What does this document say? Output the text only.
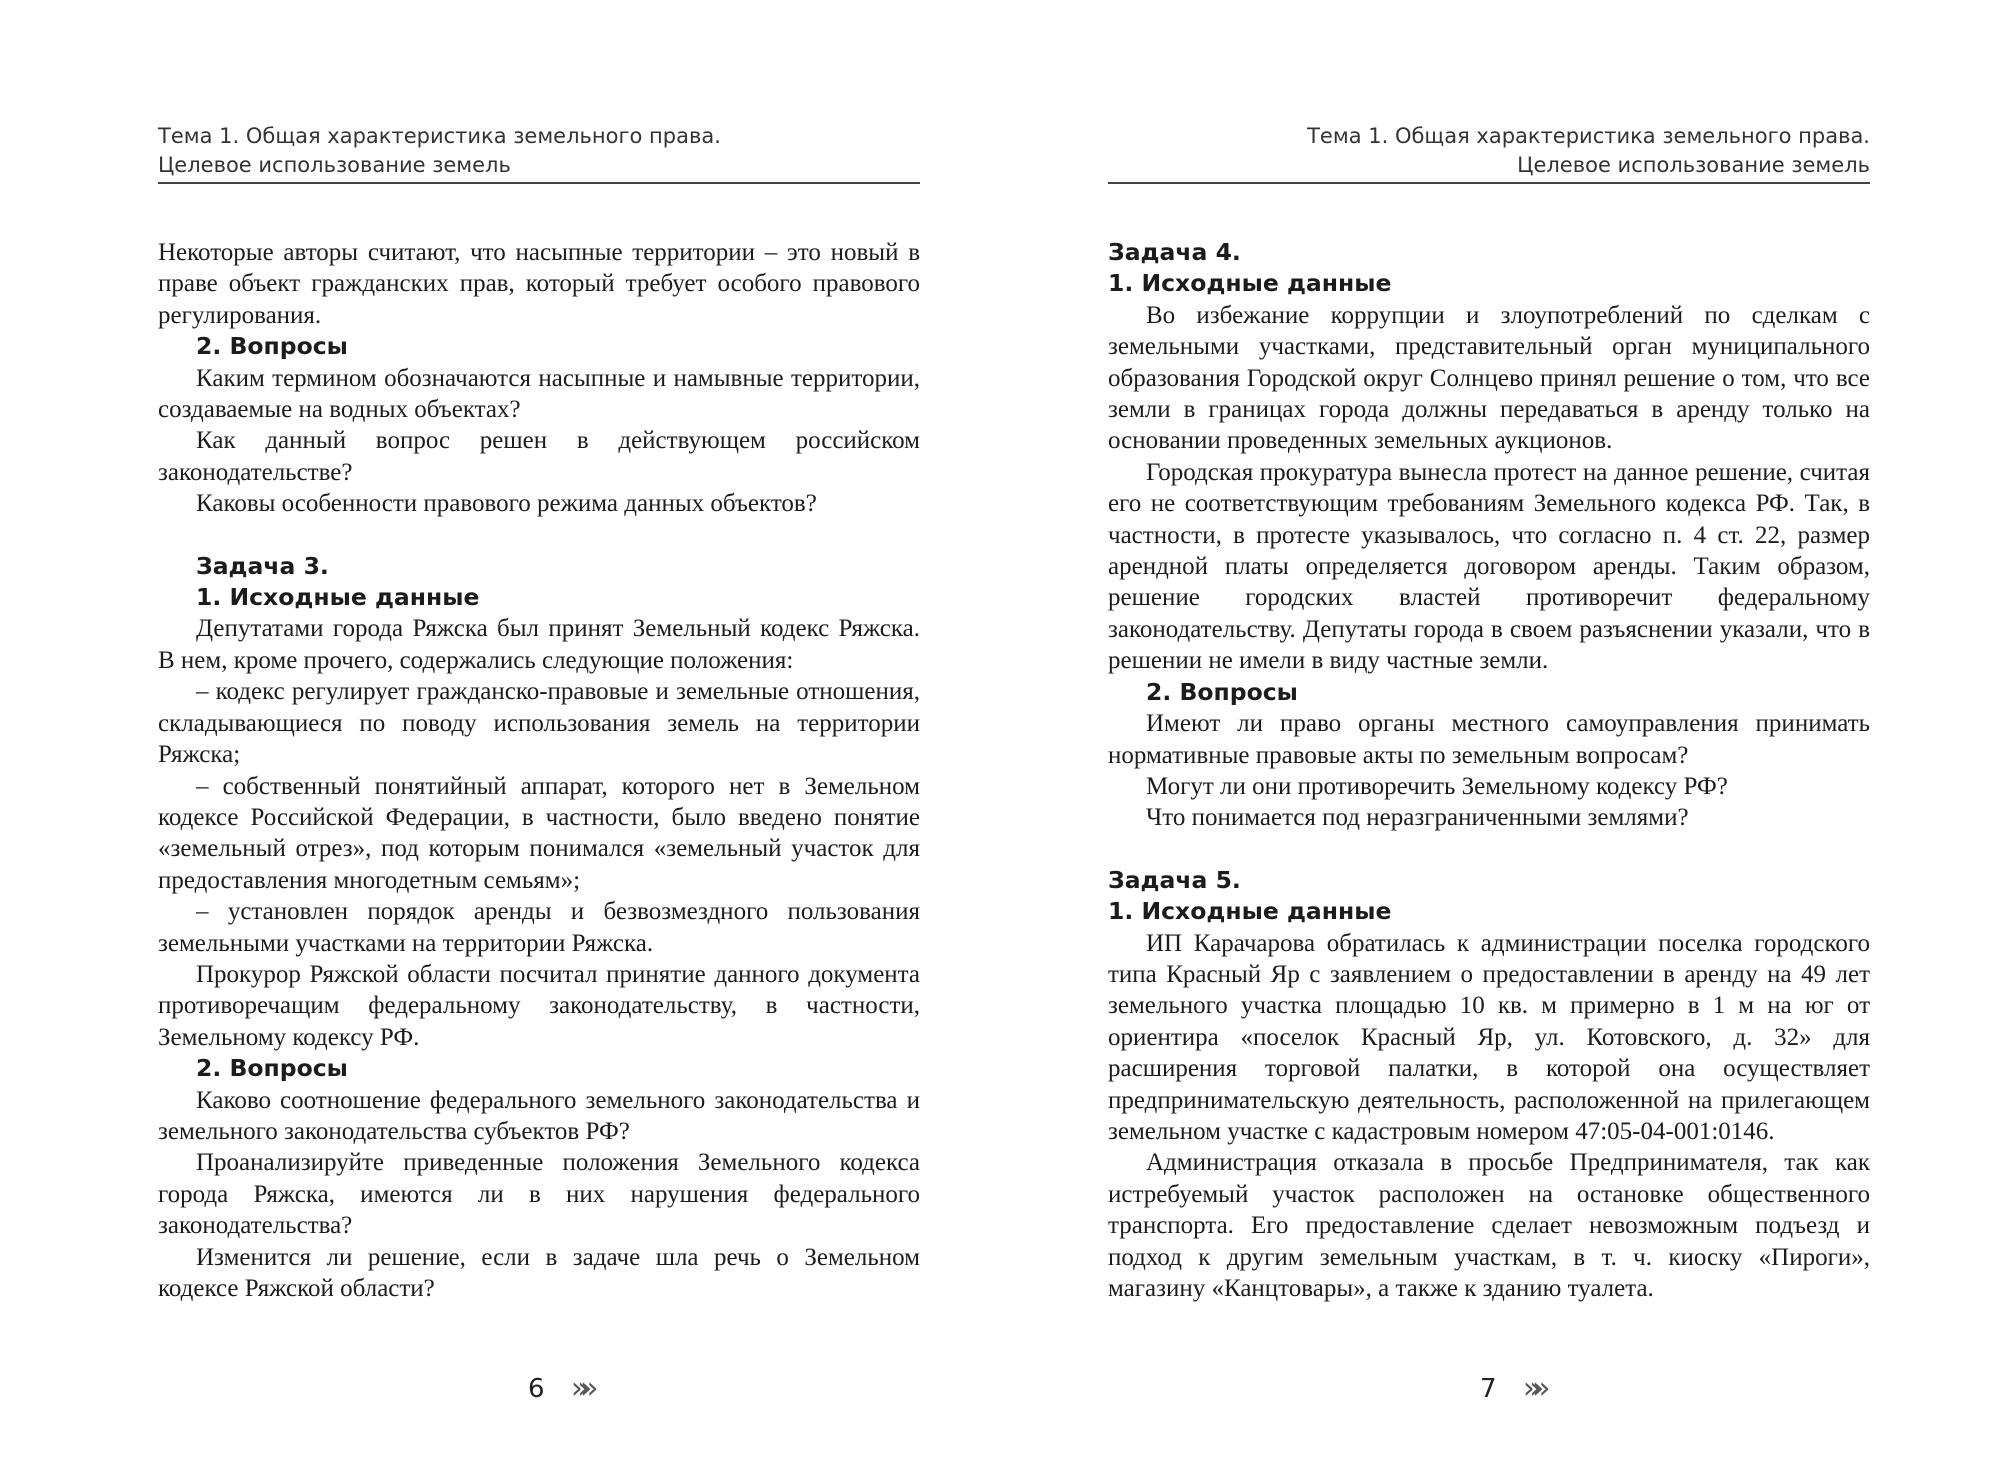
Тема 1. Общая характеристика земельного права.
Целевое использование земель

Некоторые авторы считают, что насыпные территории – это новый в праве объект гражданских прав, который требует особого правового регулирования.

2. Вопросы

Каким термином обозначаются насыпные и намывные территории, создаваемые на водных объектах?

Как данный вопрос решен в действующем российском законодательстве?

Каковы особенности правового режима данных объектов?

Задача 3.

1. Исходные данные

Депутатами города Ряжска был принят Земельный кодекс Ряжска. В нем, кроме прочего, содержались следующие положения:

– кодекс регулирует гражданско-правовые и земельные отношения, складывающиеся по поводу использования земель на территории Ряжска;

– собственный понятийный аппарат, которого нет в Земельном кодексе Российской Федерации, в частности, было введено понятие «земельный отрез», под которым понимался «земельный участок для предоставления многодетным семьям»;

– установлен порядок аренды и безвозмездного пользования земельными участками на территории Ряжска.

Прокурор Ряжской области посчитал принятие данного документа противоречащим федеральному законодательству, в частности, Земельному кодексу РФ.

2. Вопросы

Каково соотношение федерального земельного законодательства и земельного законодательства субъектов РФ?

Проанализируйте приведенные положения Земельного кодекса города Ряжска, имеются ли в них нарушения федерального законодательства?

Изменится ли решение, если в задаче шла речь о Земельном кодексе Ряжской области?

6 »»
Тема 1. Общая характеристика земельного права.
Целевое использование земель

Задача 4.

1. Исходные данные

Во избежание коррупции и злоупотреблений по сделкам с земельными участками, представительный орган муниципального образования Городской округ Солнцево принял решение о том, что все земли в границах города должны передаваться в аренду только на основании проведенных земельных аукционов.

Городская прокуратура вынесла протест на данное решение, считая его не соответствующим требованиям Земельного кодекса РФ. Так, в частности, в протесте указывалось, что согласно п. 4 ст. 22, размер арендной платы определяется договором аренды. Таким образом, решение городских властей противоречит федеральному законодательству. Депутаты города в своем разъяснении указали, что в решении не имели в виду частные земли.

2. Вопросы

Имеют ли право органы местного самоуправления принимать нормативные правовые акты по земельным вопросам?

Могут ли они противоречить Земельному кодексу РФ?

Что понимается под неразграниченными землями?

Задача 5.

1. Исходные данные

ИП Карачарова обратилась к администрации поселка городского типа Красный Яр с заявлением о предоставлении в аренду на 49 лет земельного участка площадью 10 кв. м примерно в 1 м на юг от ориентира «поселок Красный Яр, ул. Котовского, д. 32» для расширения торговой палатки, в которой она осуществляет предпринимательскую деятельность, расположенной на прилегающем земельном участке с кадастровым номером 47:05-04-001:0146.

Администрация отказала в просьбе Предпринимателя, так как истребуемый участок расположен на остановке общественного транспорта. Его предоставление сделает невозможным подъезд и подход к другим земельным участкам, в т. ч. киоску «Пироги», магазину «Канцтовары», а также к зданию туалета.

7 »»
